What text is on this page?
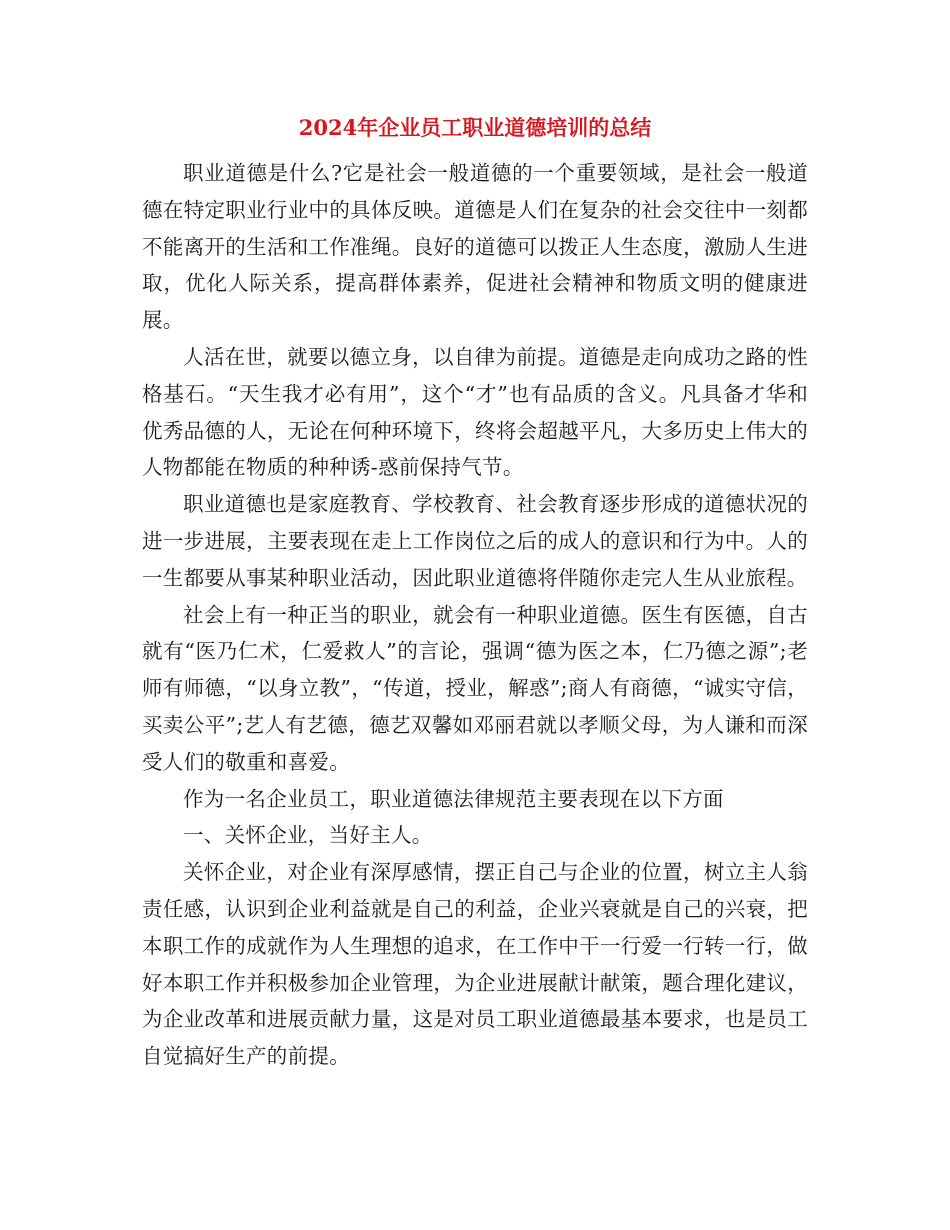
2024年企业员工职业道德培训的总结

职业道德是什么?它是社会一般道德的一个重要领域，是社会一般道德在特定职业行业中的具体反映。道德是人们在复杂的社会交往中一刻都不能离开的生活和工作准绳。良好的道德可以拨正人生态度，激励人生进取，优化人际关系，提高群体素养，促进社会精神和物质文明的健康进展。

人活在世，就要以德立身，以自律为前提。道德是走向成功之路的性格基石。“天生我才必有用”，这个“才”也有品质的含义。凡具备才华和优秀品德的人，无论在何种环境下，终将会超越平凡，大多历史上伟大的人物都能在物质的种种诱-惑前保持气节。

职业道德也是家庭教育、学校教育、社会教育逐步形成的道德状况的进一步进展，主要表现在走上工作岗位之后的成人的意识和行为中。人的一生都要从事某种职业活动，因此职业道德将伴随你走完人生从业旅程。

社会上有一种正当的职业，就会有一种职业道德。医生有医德，自古就有“医乃仁术，仁爱救人”的言论，强调“德为医之本，仁乃德之源”;老师有师德，“以身立教”，“传道，授业，解惑”;商人有商德，“诚实守信，买卖公平”;艺人有艺德，德艺双馨如邓丽君就以孝顺父母，为人谦和而深受人们的敬重和喜爱。

作为一名企业员工，职业道德法律规范主要表现在以下方面

一、关怀企业，当好主人。

关怀企业，对企业有深厚感情，摆正自己与企业的位置，树立主人翁责任感，认识到企业利益就是自己的利益，企业兴衰就是自己的兴衰，把本职工作的成就作为人生理想的追求，在工作中干一行爱一行转一行，做好本职工作并积极参加企业管理，为企业进展献计献策，题合理化建议，为企业改革和进展贡献力量，这是对员工职业道德最基本要求，也是员工自觉搞好生产的前提。
